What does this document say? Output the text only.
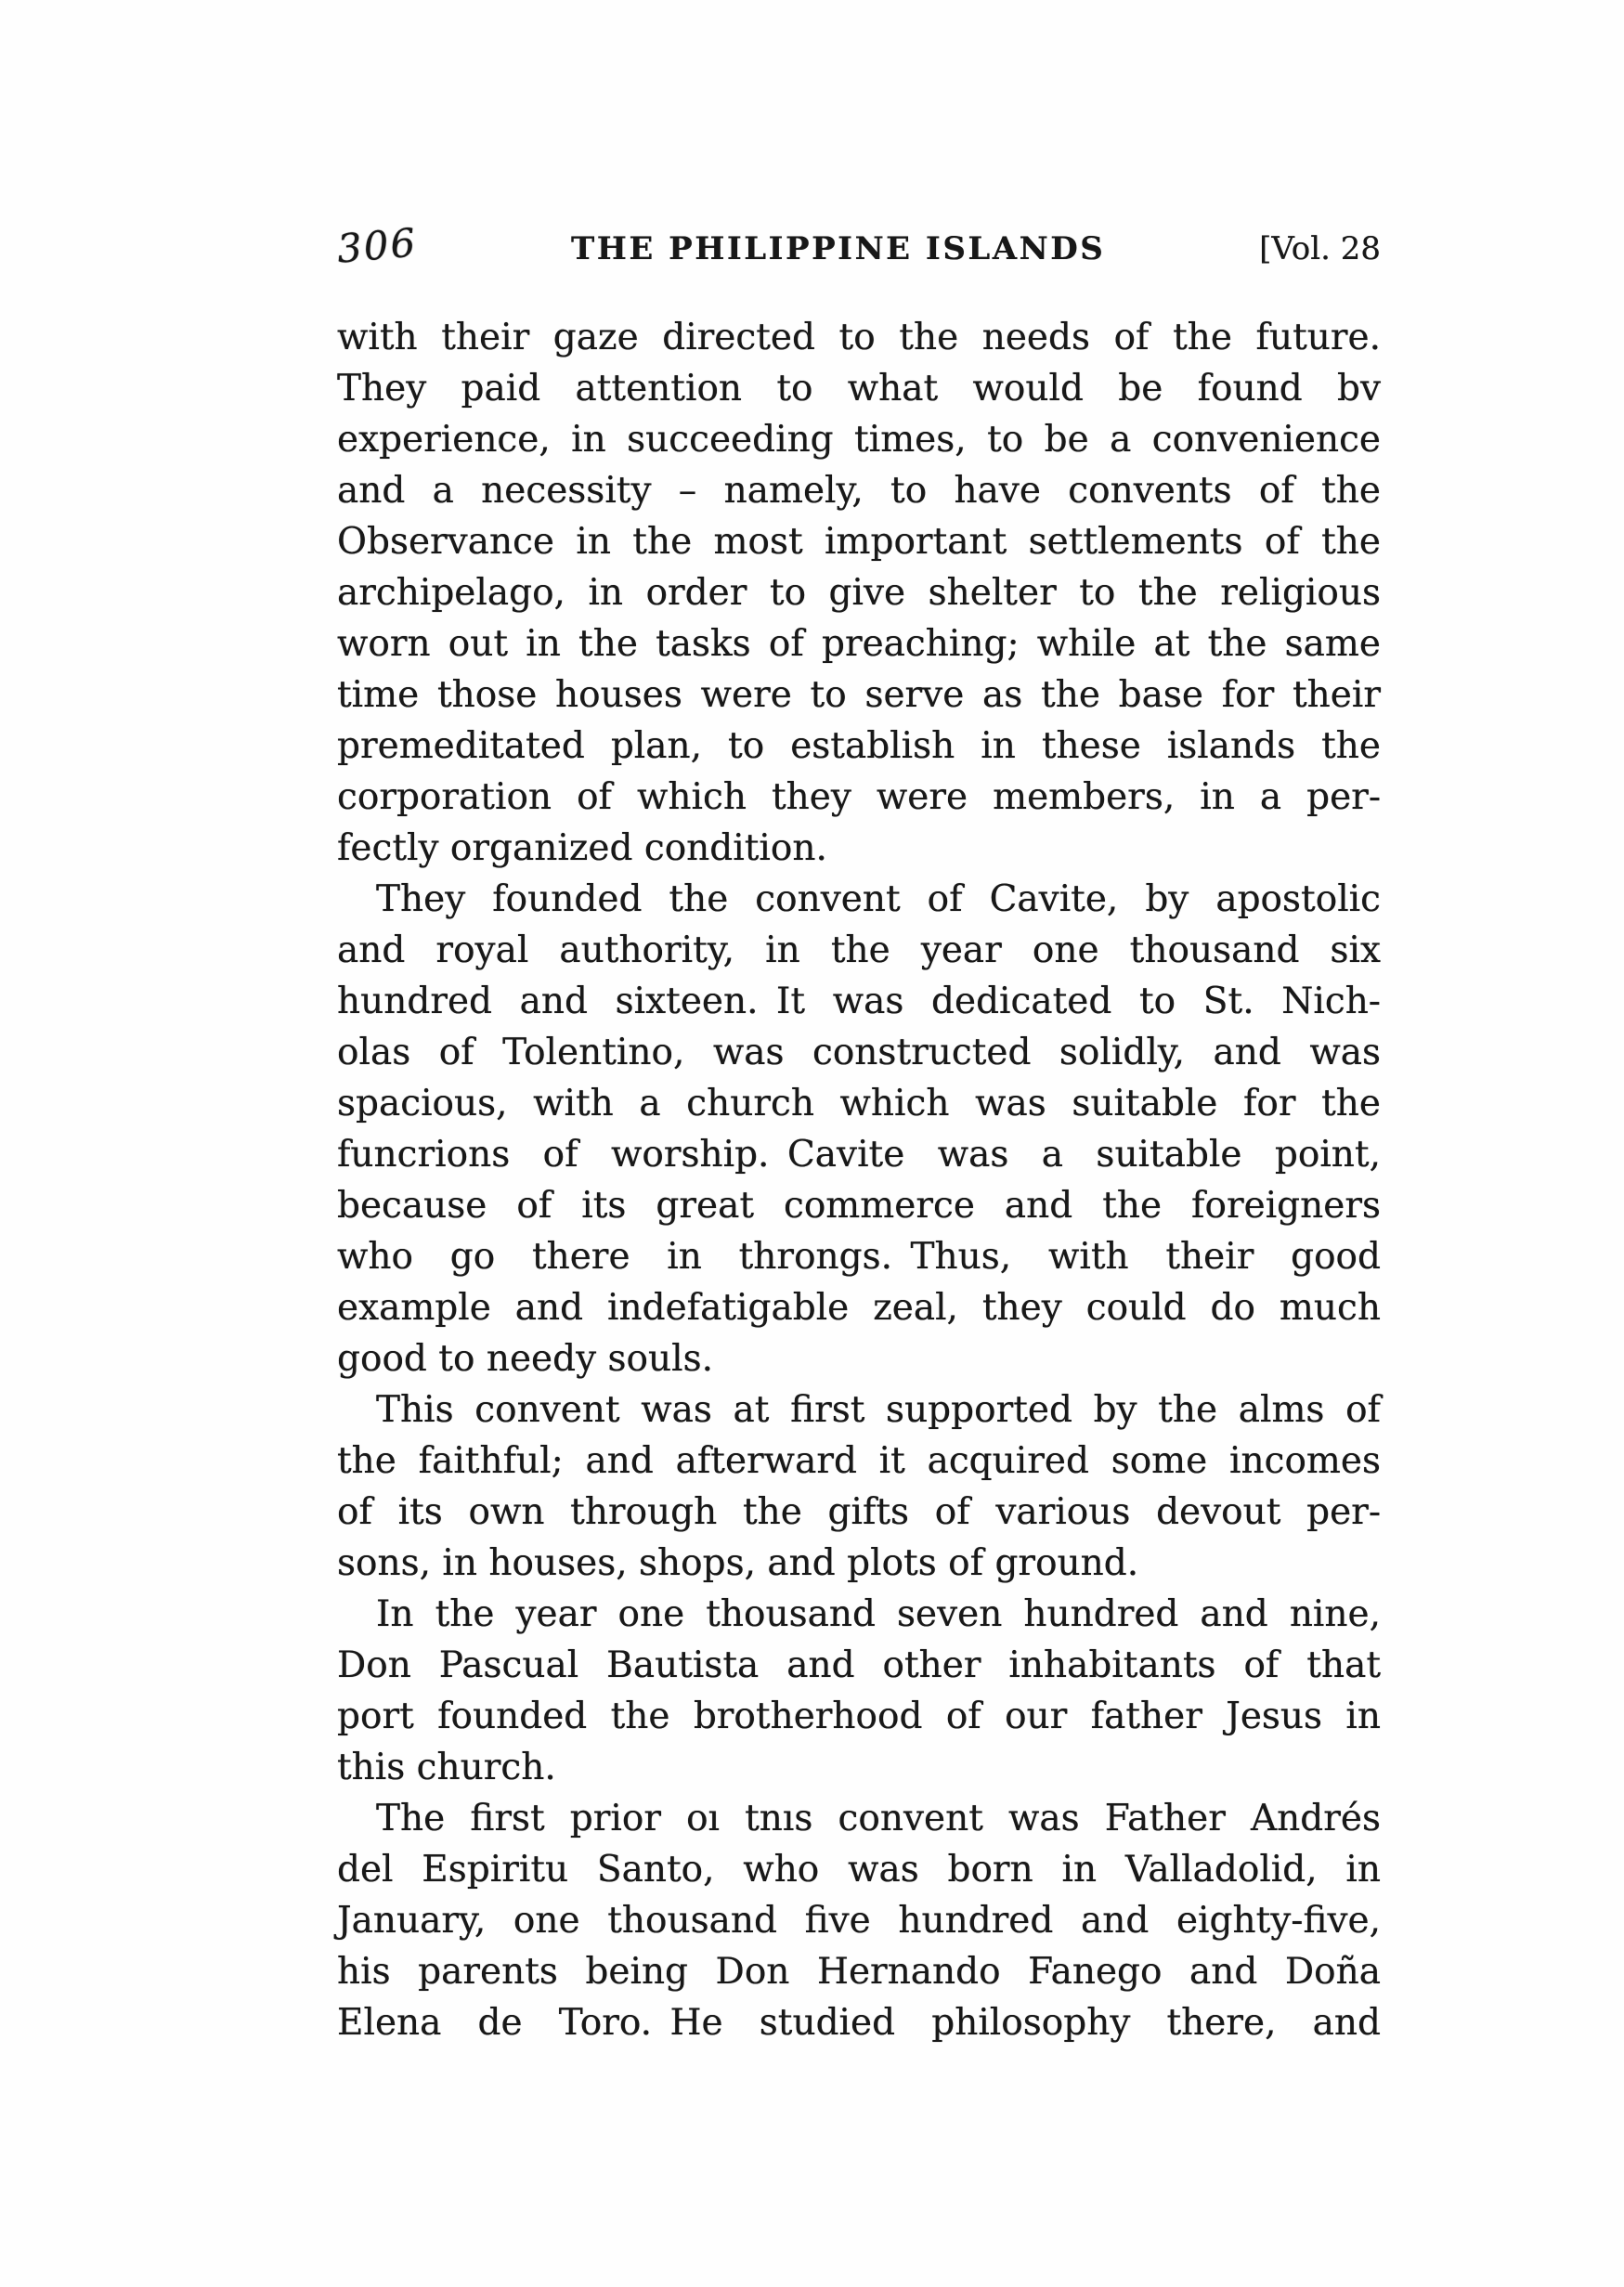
306	THE PHILIPPINE ISLANDS	[Vol. 28

with their gaze directed to the needs of the future.
They paid attention to what would be found bv
experience, in succeeding times, to be a convenience
and a necessity – namely, to have convents of the
Observance in the most important settlements of the
archipelago, in order to give shelter to the religious
worn out in the tasks of preaching; while at the same
time those houses were to serve as the base for their
premeditated plan, to establish in these islands the
corporation of which they were members, in a per-
fectly organized condition.

They founded the convent of Cavite, by apostolic
and royal authority, in the year one thousand six
hundred and sixteen. It was dedicated to St. Nich-
olas of Tolentino, was constructed solidly, and was
spacious, with a church which was suitable for the
funcrions of worship. Cavite was a suitable point,
because of its great commerce and the foreigners
who go there in throngs. Thus, with their good
example and indefatigable zeal, they could do much
good to needy souls.

This convent was at first supported by the alms of
the faithful; and afterward it acquired some incomes
of its own through the gifts of various devout per-
sons, in houses, shops, and plots of ground.

In the year one thousand seven hundred and nine,
Don Pascual Bautista and other inhabitants of that
port founded the brotherhood of our father Jesus in
this church.

The first prior oı tnıs convent was Father Andrés
del Espiritu Santo, who was born in Valladolid, in
January, one thousand five hundred and eighty-five,
his parents being Don Hernando Fanego and Doña
Elena de Toro. He studied philosophy there, and
